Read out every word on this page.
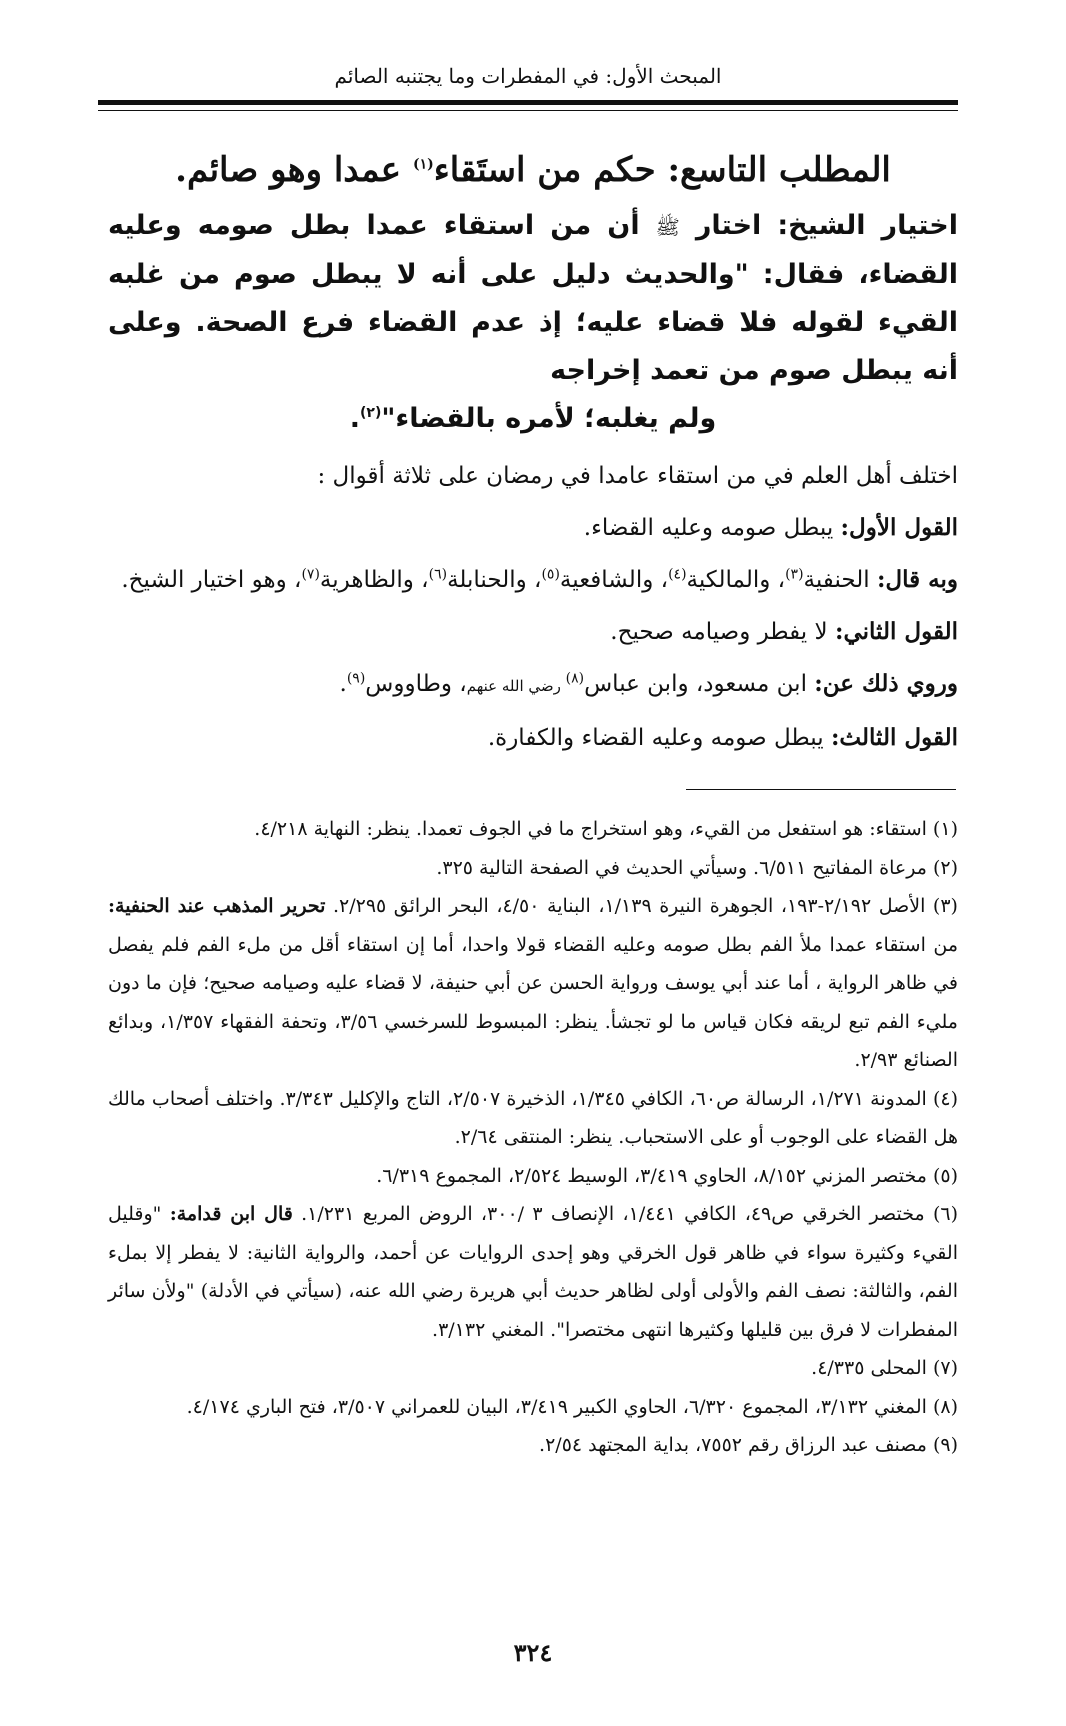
المبحث الأول: في المفطرات وما يجتنبه الصائم
المطلب التاسع: حكم من استَقاء$^{(١)}$ عمدا وهو صائم.

اختيار الشيخ: اختار ﷺ أن من استقاء عمدا بطل صومه وعليه القضاء، فقال: "والحديث دليل على أنه لا يبطل صوم من غلبه القيء لقوله فلا قضاء عليه؛ إذ عدم القضاء فرع الصحة. وعلى أنه يبطل صوم من تعمد إخراجه
ولم يغلبه؛ لأمره بالقضاء"$^{(٢)}$.

اختلف أهل العلم في من استقاء عامدا في رمضان على ثلاثة أقوال :

القول الأول: يبطل صومه وعليه القضاء.

وبه قال: الحنفية$^{(٣)}$، والمالكية$^{(٤)}$، والشافعية$^{(٥)}$، والحنابلة$^{(٦)}$، والظاهرية$^{(٧)}$، وهو اختيار الشيخ.

القول الثاني: لا يفطر وصيامه صحيح.

وروي ذلك عن: ابن مسعود، وابن عباس$^{(٨)}$ رضي الله عنهم، وطاووس$^{(٩)}$.

القول الثالث: يبطل صومه وعليه القضاء والكفارة.

(١) استقاء: هو استفعل من القيء، وهو استخراج ما في الجوف تعمدا. ينظر: النهاية ٤/٢١٨.

(٢) مرعاة المفاتيح ٦/٥١١. وسيأتي الحديث في الصفحة التالية ٣٢٥.

(٣) الأصل ٢/١٩٢-١٩٣، الجوهرة النيرة ١/١٣٩، البناية ٤/٥٠، البحر الرائق ٢/٢٩٥. تحرير المذهب عند الحنفية: من استقاء عمدا ملأ الفم بطل صومه وعليه القضاء قولا واحدا، أما إن استقاء أقل من ملء الفم فلم يفصل في ظاهر الرواية ، أما عند أبي يوسف ورواية الحسن عن أبي حنيفة، لا قضاء عليه وصيامه صحيح؛ فإن ما دون مليء الفم تبع لريقه فكان قياس ما لو تجشأ. ينظر: المبسوط للسرخسي ٣/٥٦، وتحفة الفقهاء ١/٣٥٧، وبدائع الصنائع ٢/٩٣.

(٤) المدونة ١/٢٧١، الرسالة ص٦٠، الكافي ١/٣٤٥، الذخيرة ٢/٥٠٧، التاج والإكليل ٣/٣٤٣. واختلف أصحاب مالك هل القضاء على الوجوب أو على الاستحباب. ينظر: المنتقى ٢/٦٤.

(٥) مختصر المزني ٨/١٥٢، الحاوي ٣/٤١٩، الوسيط ٢/٥٢٤، المجموع ٦/٣١٩.

(٦) مختصر الخرقي ص٤٩، الكافي ١/٤٤١، الإنصاف ٣ /٣٠٠، الروض المربع ١/٢٣١. قال ابن قدامة: "وقليل القيء وكثيرة سواء في ظاهر قول الخرقي وهو إحدى الروايات عن أحمد، والرواية الثانية: لا يفطر إلا بملء الفم، والثالثة: نصف الفم والأولى أولى لظاهر حديث أبي هريرة رضي الله عنه، (سيأتي في الأدلة) "ولأن سائر المفطرات لا فرق بين قليلها وكثيرها انتهى مختصرا". المغني ٣/١٣٢.

(٧) المحلى ٤/٣٣٥.

(٨) المغني ٣/١٣٢، المجموع ٦/٣٢٠، الحاوي الكبير ٣/٤١٩، البيان للعمراني ٣/٥٠٧، فتح الباري ٤/١٧٤.

(٩) مصنف عبد الرزاق رقم ٧٥٥٢، بداية المجتهد ٢/٥٤.

٣٢٤
